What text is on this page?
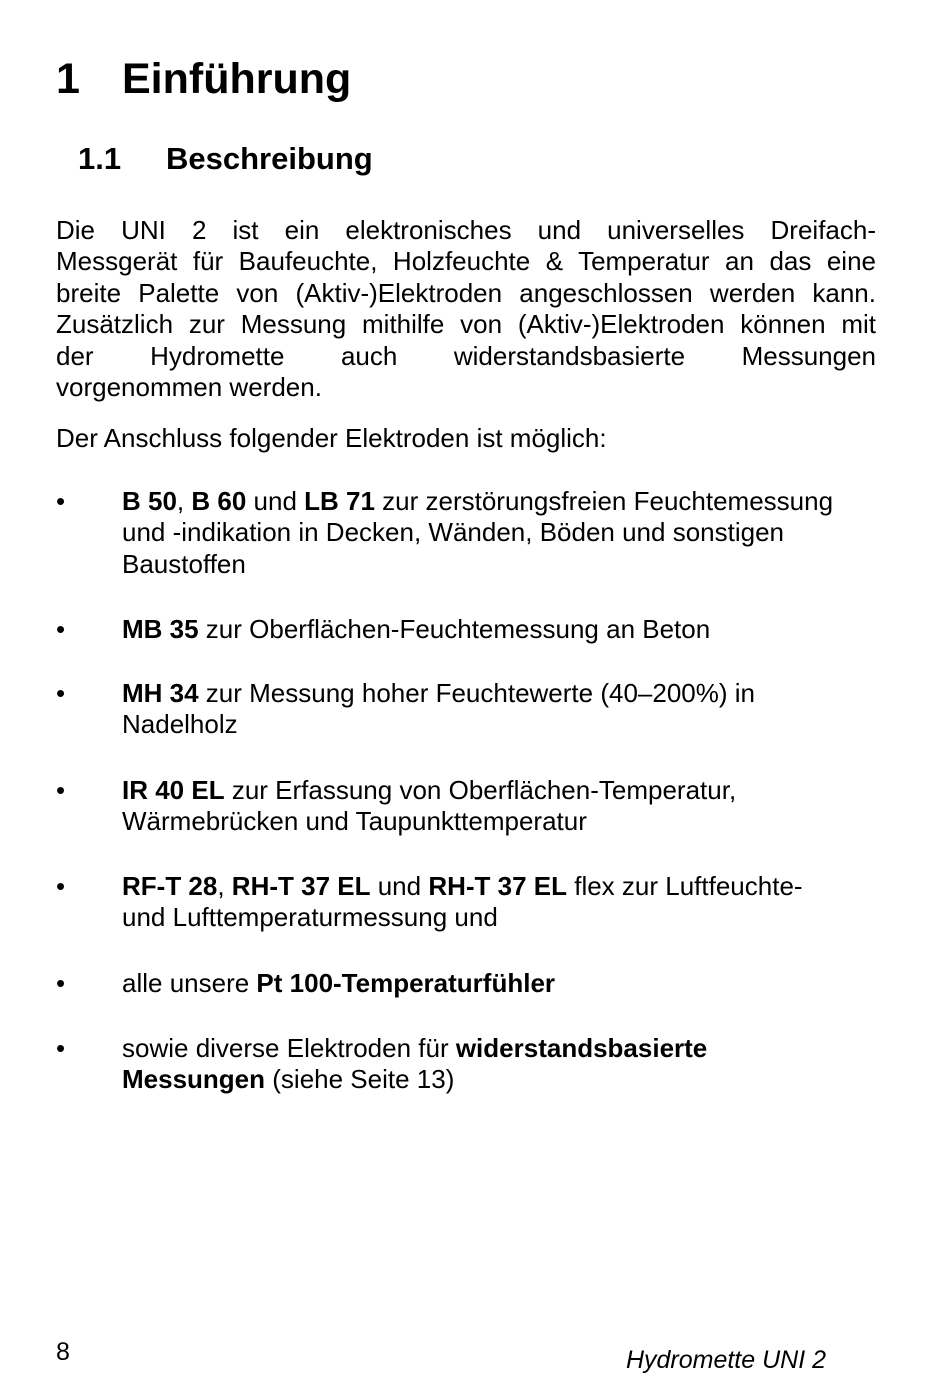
1 Einführung
1.1 Beschreibung

Die UNI 2 ist ein elektronisches und universelles Dreifach-
Messgerät für Baufeuchte, Holzfeuchte & Temperatur an das eine
breite Palette von (Aktiv-)Elektroden angeschlossen werden kann.
Zusätzlich zur Messung mithilfe von (Aktiv-)Elektroden können mit
der Hydromette auch widerstandsbasierte Messungen
vorgenommen werden.

Der Anschluss folgender Elektroden ist möglich:

• B 50, B 60 und LB 71 zur zerstörungsfreien Feuchtemessung
und -indikation in Decken, Wänden, Böden und sonstigen
Baustoffen
• MB 35 zur Oberflächen-Feuchtemessung an Beton
• MH 34 zur Messung hoher Feuchtewerte (40–200%) in
Nadelholz
• IR 40 EL zur Erfassung von Oberflächen-Temperatur,
Wärmebrücken und Taupunkttemperatur
• RF-T 28, RH-T 37 EL und RH-T 37 EL flex zur Luftfeuchte-
und Lufttemperaturmessung und
• alle unsere Pt 100-Temperaturfühler
• sowie diverse Elektroden für widerstandsbasierte
Messungen (siehe Seite 13)
8	Hydromette UNI 2
